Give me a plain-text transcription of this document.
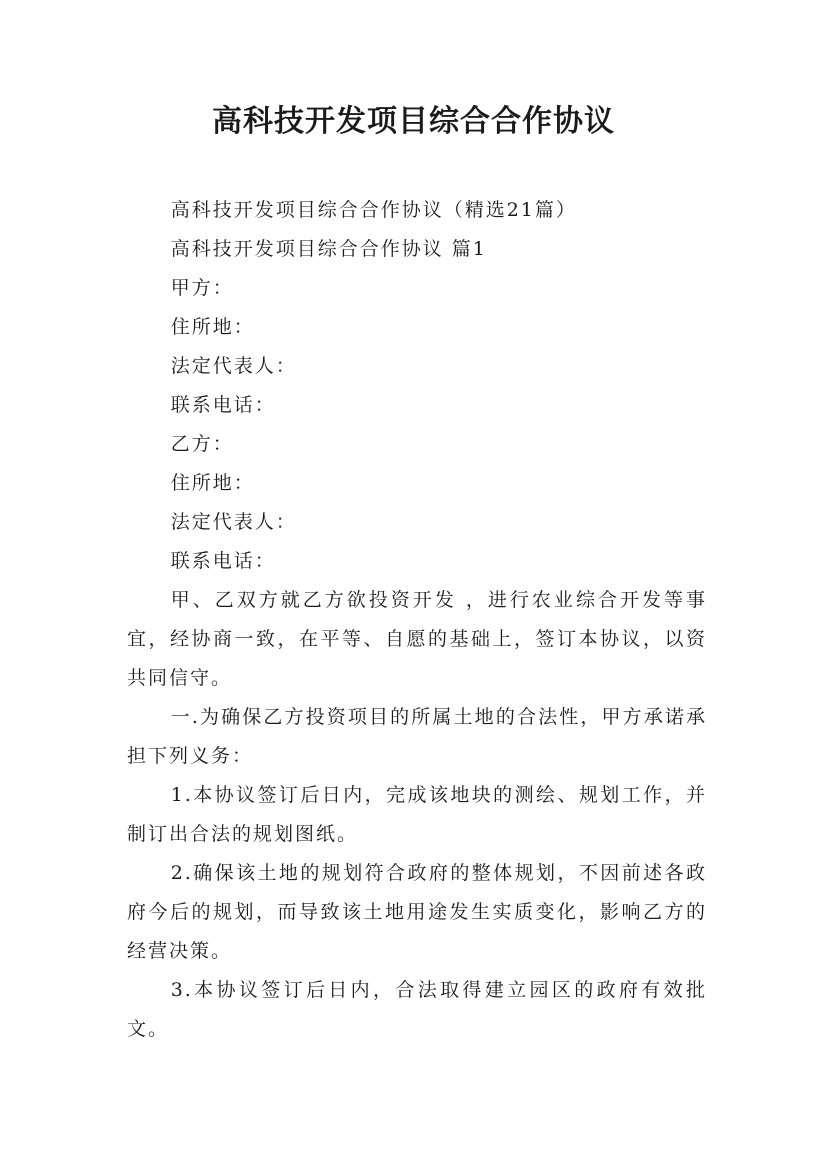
高科技开发项目综合合作协议

高科技开发项目综合合作协议（精选21篇）

高科技开发项目综合合作协议 篇1

甲方：

住所地：

法定代表人：

联系电话：

乙方：

住所地：

法定代表人：

联系电话：

甲、乙双方就乙方欲投资开发 ，进行农业综合开发等事宜，经协商一致，在平等、自愿的基础上，签订本协议，以资共同信守。

一.为确保乙方投资项目的所属土地的合法性，甲方承诺承担下列义务：

1.本协议签订后日内，完成该地块的测绘、规划工作，并制订出合法的规划图纸。

2.确保该土地的规划符合政府的整体规划，不因前述各政府今后的规划，而导致该土地用途发生实质变化，影响乙方的经营决策。

3.本协议签订后日内，合法取得建立园区的政府有效批文。
